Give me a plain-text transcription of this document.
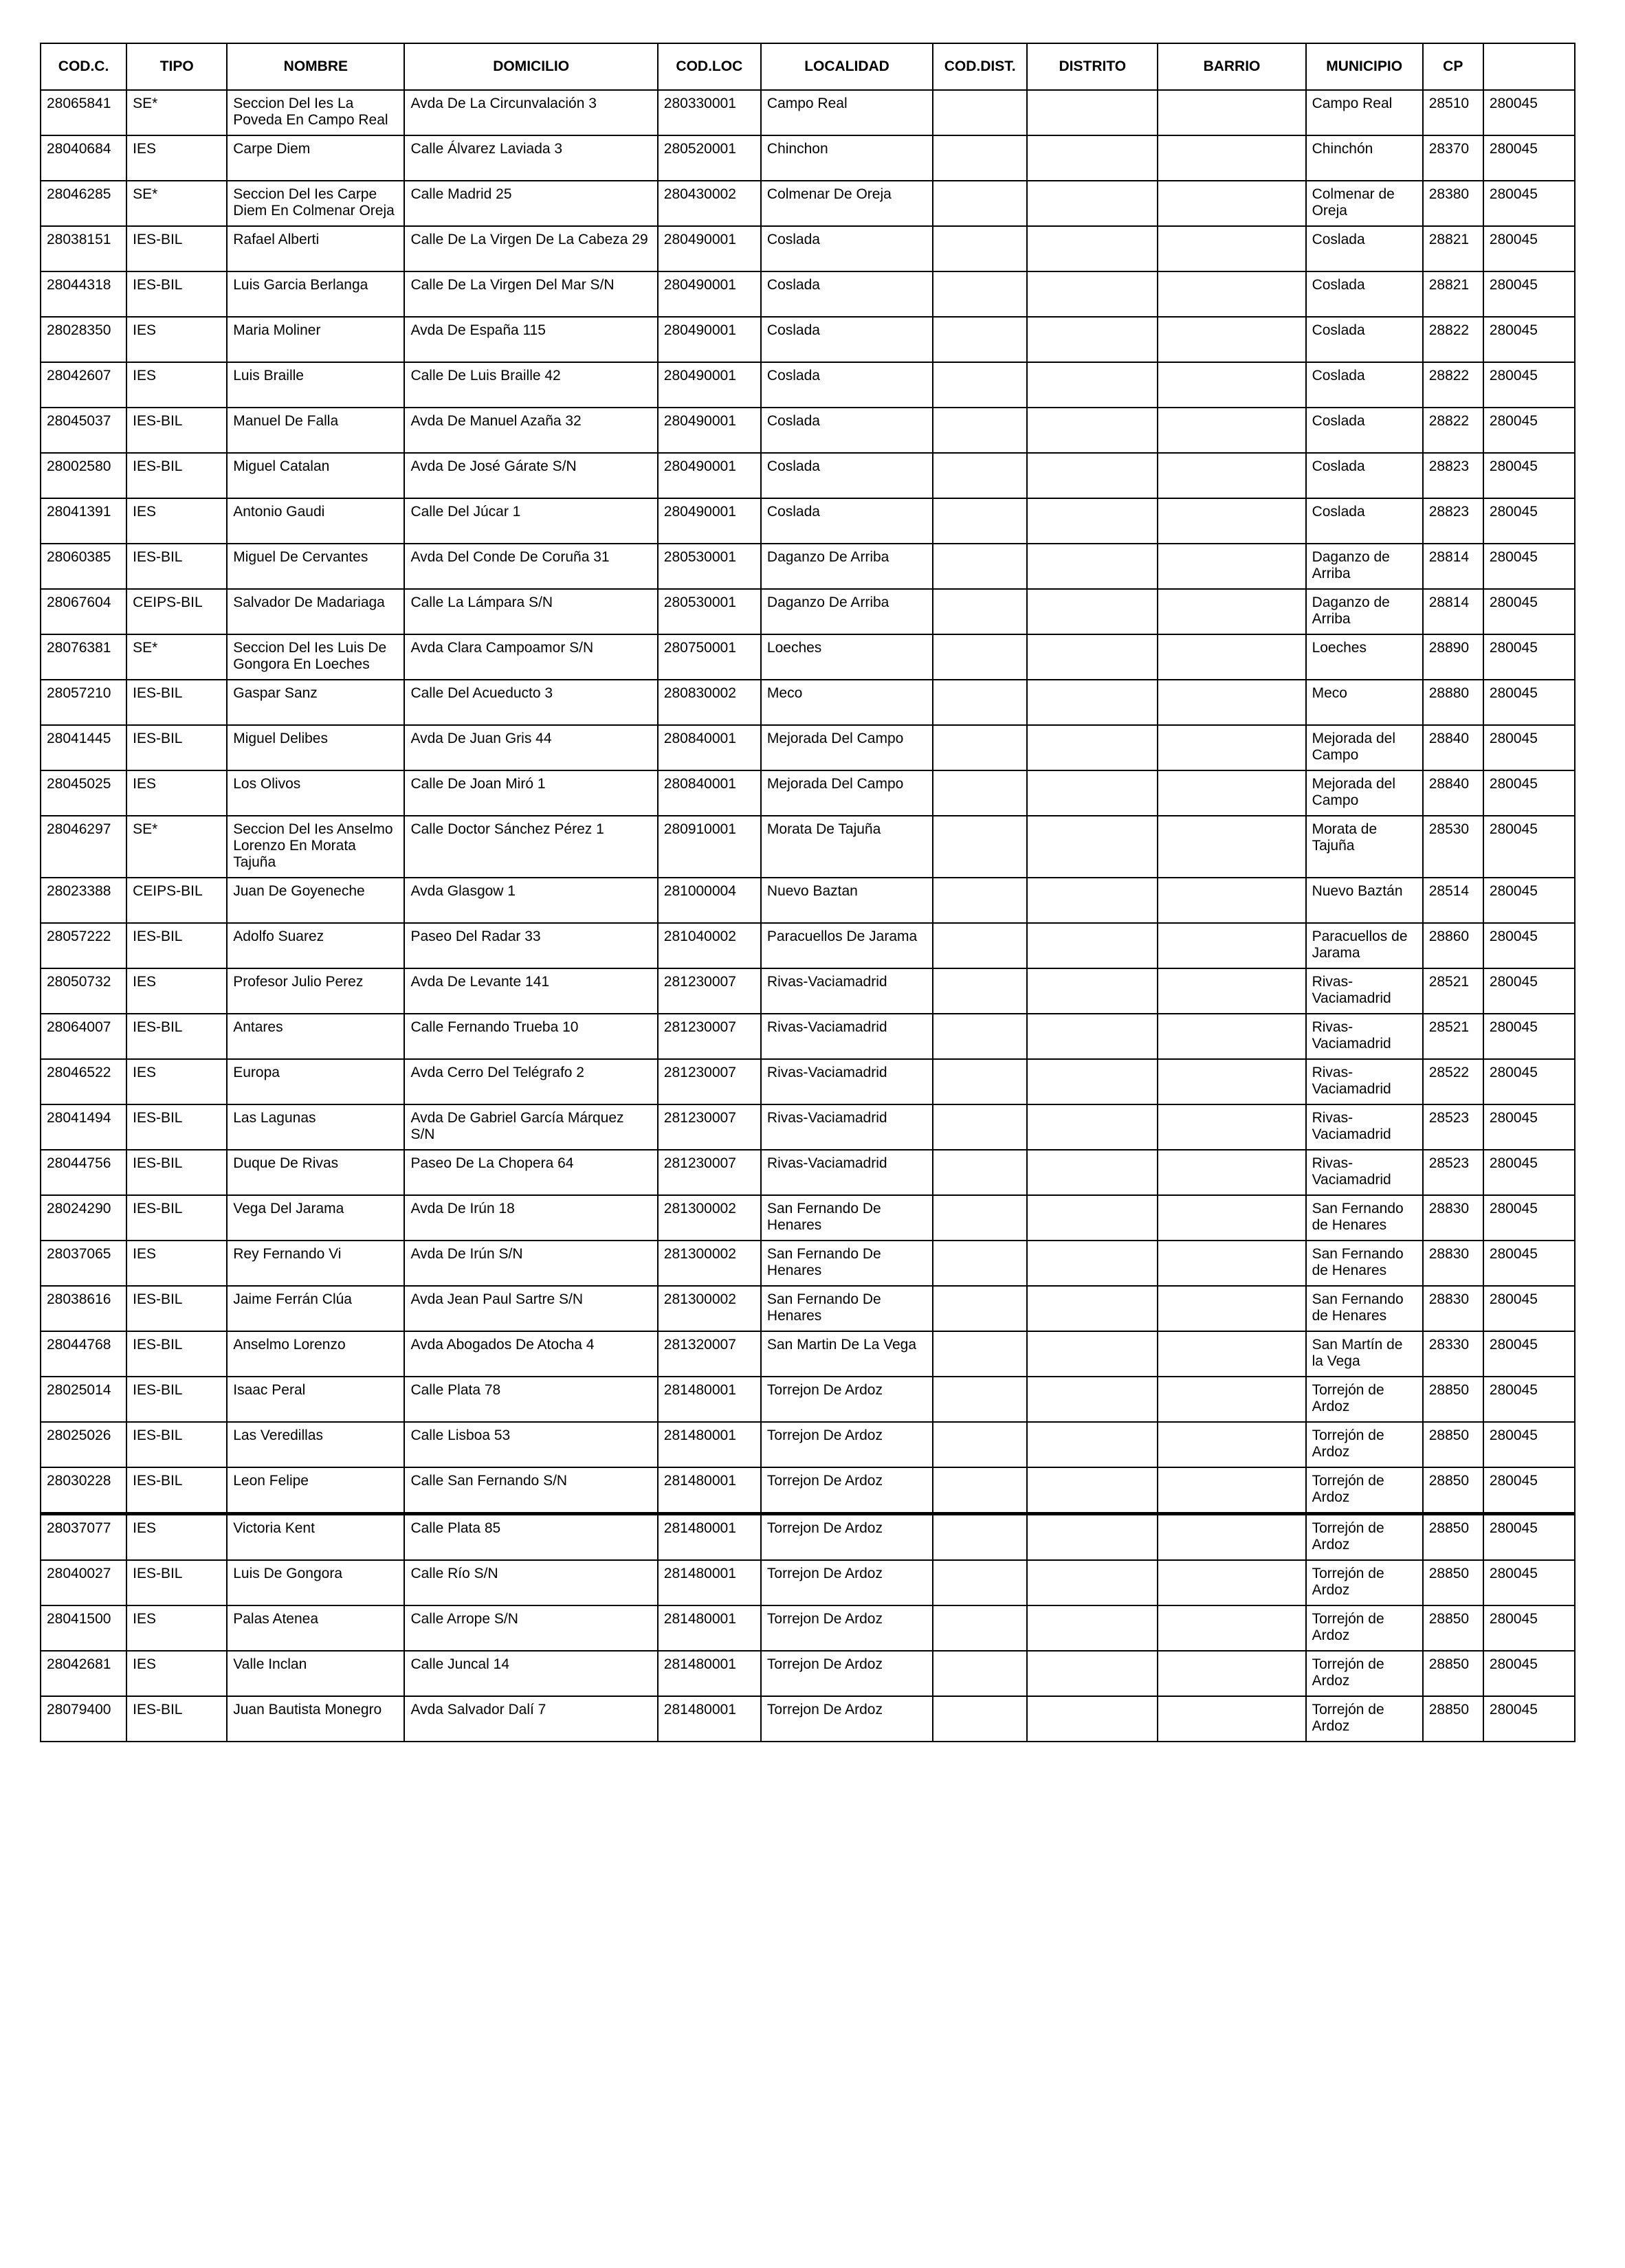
COD.C.	TIPO	NOMBRE	DOMICILIO	COD.LOC	LOCALIDAD	COD.DIST.	DISTRITO	BARRIO	MUNICIPIO	CP	
28065841	SE*	Seccion Del Ies La Poveda En Campo Real	Avda De La Circunvalación 3	280330001	Campo Real				Campo Real	28510	280045
28040684	IES	Carpe Diem	Calle Álvarez Laviada 3	280520001	Chinchon				Chinchón	28370	280045
28046285	SE*	Seccion Del Ies Carpe Diem En Colmenar Oreja	Calle Madrid 25	280430002	Colmenar De Oreja				Colmenar de Oreja	28380	280045
28038151	IES-BIL	Rafael Alberti	Calle De La Virgen De La Cabeza 29	280490001	Coslada				Coslada	28821	280045
28044318	IES-BIL	Luis Garcia Berlanga	Calle De La Virgen Del Mar S/N	280490001	Coslada				Coslada	28821	280045
28028350	IES	Maria Moliner	Avda De España 115	280490001	Coslada				Coslada	28822	280045
28042607	IES	Luis Braille	Calle De Luis Braille 42	280490001	Coslada				Coslada	28822	280045
28045037	IES-BIL	Manuel De Falla	Avda De Manuel Azaña 32	280490001	Coslada				Coslada	28822	280045
28002580	IES-BIL	Miguel Catalan	Avda De José Gárate S/N	280490001	Coslada				Coslada	28823	280045
28041391	IES	Antonio Gaudi	Calle Del Júcar 1	280490001	Coslada				Coslada	28823	280045
28060385	IES-BIL	Miguel De Cervantes	Avda Del Conde De Coruña 31	280530001	Daganzo De Arriba				Daganzo de Arriba	28814	280045
28067604	CEIPS-BIL	Salvador De Madariaga	Calle La Lámpara S/N	280530001	Daganzo De Arriba				Daganzo de Arriba	28814	280045
28076381	SE*	Seccion Del Ies Luis De Gongora En Loeches	Avda Clara Campoamor S/N	280750001	Loeches				Loeches	28890	280045
28057210	IES-BIL	Gaspar Sanz	Calle Del Acueducto 3	280830002	Meco				Meco	28880	280045
28041445	IES-BIL	Miguel Delibes	Avda De Juan Gris 44	280840001	Mejorada Del Campo				Mejorada del Campo	28840	280045
28045025	IES	Los Olivos	Calle De Joan Miró 1	280840001	Mejorada Del Campo				Mejorada del Campo	28840	280045
28046297	SE*	Seccion Del Ies Anselmo Lorenzo En Morata Tajuña	Calle Doctor Sánchez Pérez 1	280910001	Morata De Tajuña				Morata de Tajuña	28530	280045
28023388	CEIPS-BIL	Juan De Goyeneche	Avda Glasgow 1	281000004	Nuevo Baztan				Nuevo Baztán	28514	280045
28057222	IES-BIL	Adolfo Suarez	Paseo Del Radar 33	281040002	Paracuellos De Jarama				Paracuellos de Jarama	28860	280045
28050732	IES	Profesor Julio Perez	Avda De Levante 141	281230007	Rivas-Vaciamadrid				Rivas-Vaciamadrid	28521	280045
28064007	IES-BIL	Antares	Calle Fernando Trueba 10	281230007	Rivas-Vaciamadrid				Rivas-Vaciamadrid	28521	280045
28046522	IES	Europa	Avda Cerro Del Telégrafo 2	281230007	Rivas-Vaciamadrid				Rivas-Vaciamadrid	28522	280045
28041494	IES-BIL	Las Lagunas	Avda De Gabriel García Márquez S/N	281230007	Rivas-Vaciamadrid				Rivas-Vaciamadrid	28523	280045
28044756	IES-BIL	Duque De Rivas	Paseo De La Chopera 64	281230007	Rivas-Vaciamadrid				Rivas-Vaciamadrid	28523	280045
28024290	IES-BIL	Vega Del Jarama	Avda De Irún 18	281300002	San Fernando De Henares				San Fernando de Henares	28830	280045
28037065	IES	Rey Fernando Vi	Avda De Irún S/N	281300002	San Fernando De Henares				San Fernando de Henares	28830	280045
28038616	IES-BIL	Jaime Ferrán Clúa	Avda Jean Paul Sartre S/N	281300002	San Fernando De Henares				San Fernando de Henares	28830	280045
28044768	IES-BIL	Anselmo Lorenzo	Avda Abogados De Atocha 4	281320007	San Martin De La Vega				San Martín de la Vega	28330	280045
28025014	IES-BIL	Isaac Peral	Calle Plata 78	281480001	Torrejon De Ardoz				Torrejón de Ardoz	28850	280045
28025026	IES-BIL	Las Veredillas	Calle Lisboa 53	281480001	Torrejon De Ardoz				Torrejón de Ardoz	28850	280045
28030228	IES-BIL	Leon Felipe	Calle San Fernando S/N	281480001	Torrejon De Ardoz				Torrejón de Ardoz	28850	280045
28037077	IES	Victoria Kent	Calle Plata 85	281480001	Torrejon De Ardoz				Torrejón de Ardoz	28850	280045
28040027	IES-BIL	Luis De Gongora	Calle Río S/N	281480001	Torrejon De Ardoz				Torrejón de Ardoz	28850	280045
28041500	IES	Palas Atenea	Calle Arrope S/N	281480001	Torrejon De Ardoz				Torrejón de Ardoz	28850	280045
28042681	IES	Valle Inclan	Calle Juncal 14	281480001	Torrejon De Ardoz				Torrejón de Ardoz	28850	280045
28079400	IES-BIL	Juan Bautista Monegro	Avda Salvador Dalí 7	281480001	Torrejon De Ardoz				Torrejón de Ardoz	28850	280045
